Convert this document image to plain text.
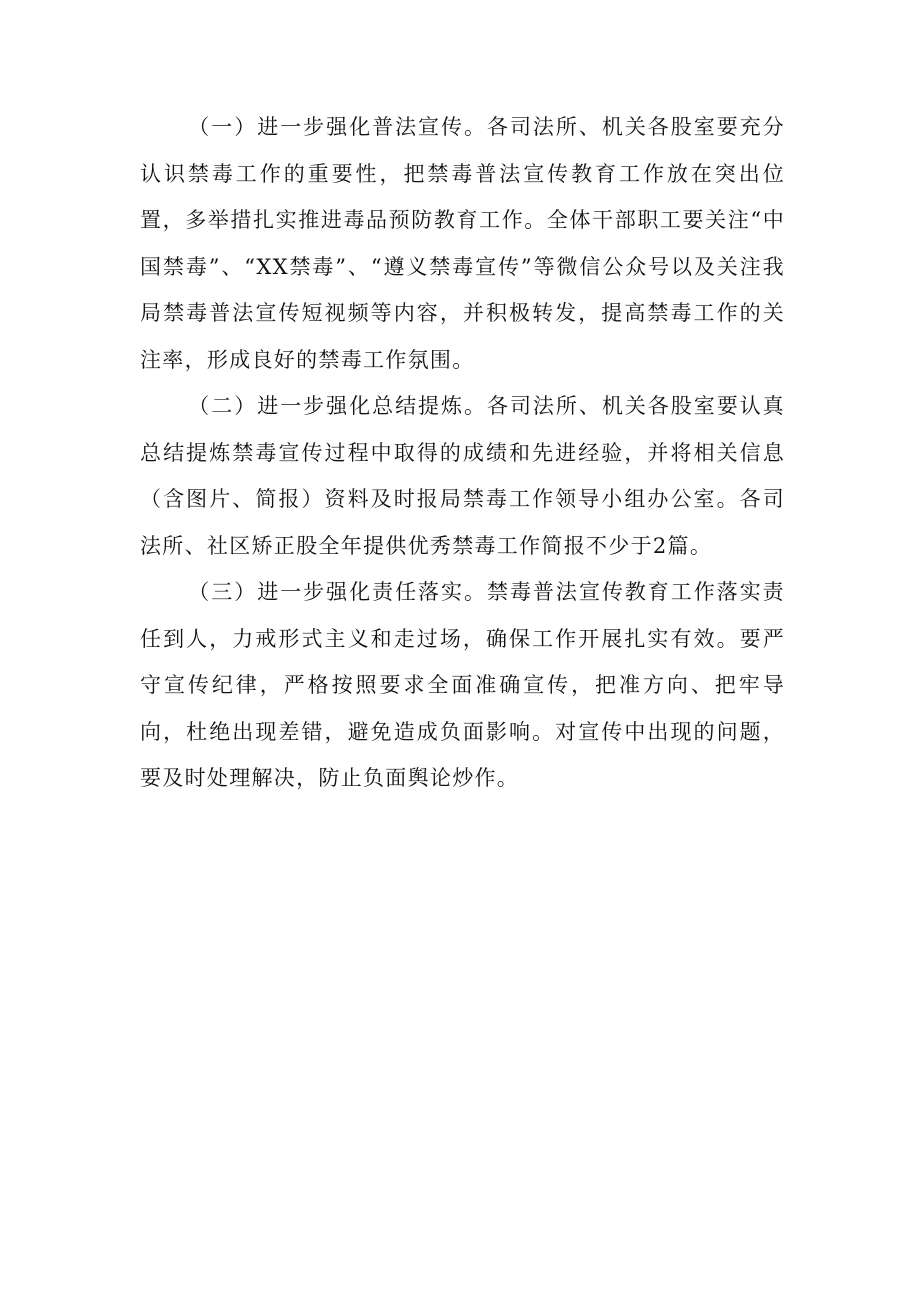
（一）进一步强化普法宣传。各司法所、机关各股室要充分认识禁毒工作的重要性，把禁毒普法宣传教育工作放在突出位置，多举措扎实推进毒品预防教育工作。全体干部职工要关注“中国禁毒”、“XX禁毒”、“遵义禁毒宣传”等微信公众号以及关注我局禁毒普法宣传短视频等内容，并积极转发，提高禁毒工作的关注率，形成良好的禁毒工作氛围。

（二）进一步强化总结提炼。各司法所、机关各股室要认真总结提炼禁毒宣传过程中取得的成绩和先进经验，并将相关信息（含图片、简报）资料及时报局禁毒工作领导小组办公室。各司法所、社区矫正股全年提供优秀禁毒工作简报不少于2篇。

（三）进一步强化责任落实。禁毒普法宣传教育工作落实责任到人，力戒形式主义和走过场，确保工作开展扎实有效。要严守宣传纪律，严格按照要求全面准确宣传，把准方向、把牢导向，杜绝出现差错，避免造成负面影响。对宣传中出现的问题，要及时处理解决，防止负面舆论炒作。
